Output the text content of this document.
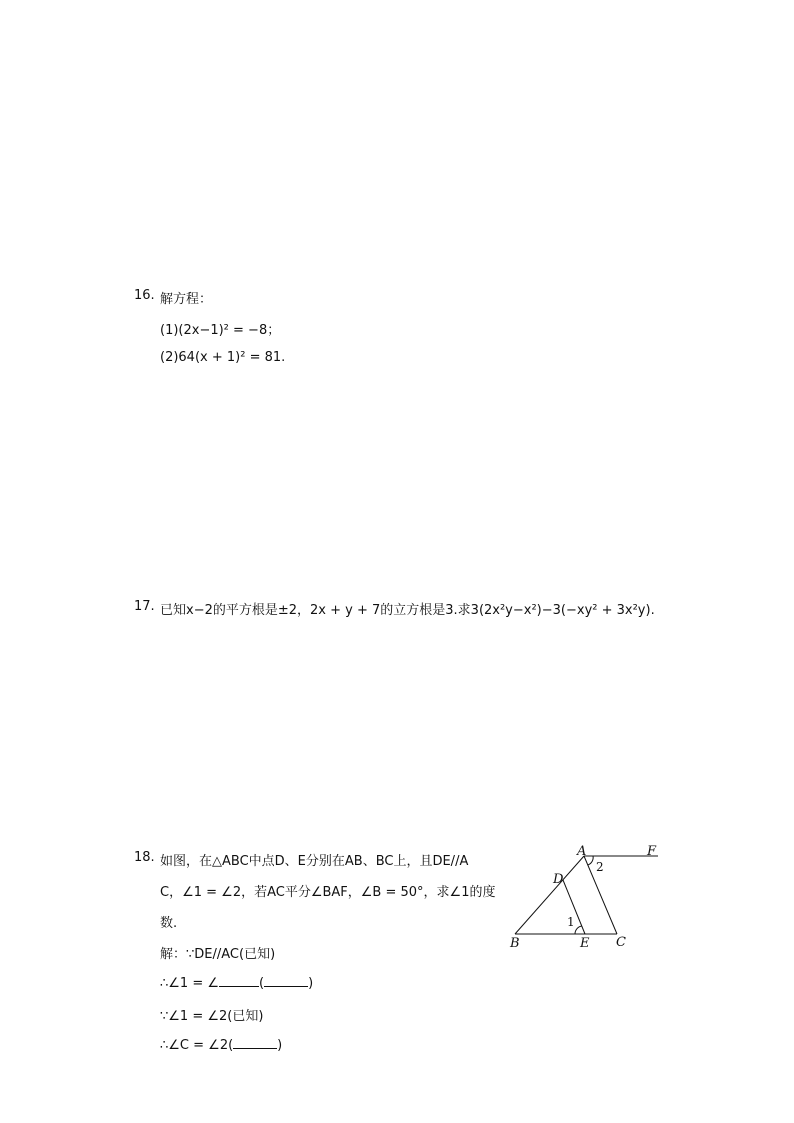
16. 解方程：
(1)(2x−1)² = −8；
(2)64(x + 1)² = 81.
17. 已知x−2的平方根是±2，2x + y + 7的立方根是3.求3(2x²y−x²)−3(−xy² + 3x²y).
18. 如图，在△ABC中点D、E分别在AB、BC上，且DE//A
C，∠1 = ∠2，若AC平分∠BAF，∠B = 50°，求∠1的度
数.
解：∵DE//AC(已知)
∴∠1 = ∠	(	)
∵∠1 = ∠2(已知)
∴∠C = ∠2(	)
A	F
D
B	E C
1
2
